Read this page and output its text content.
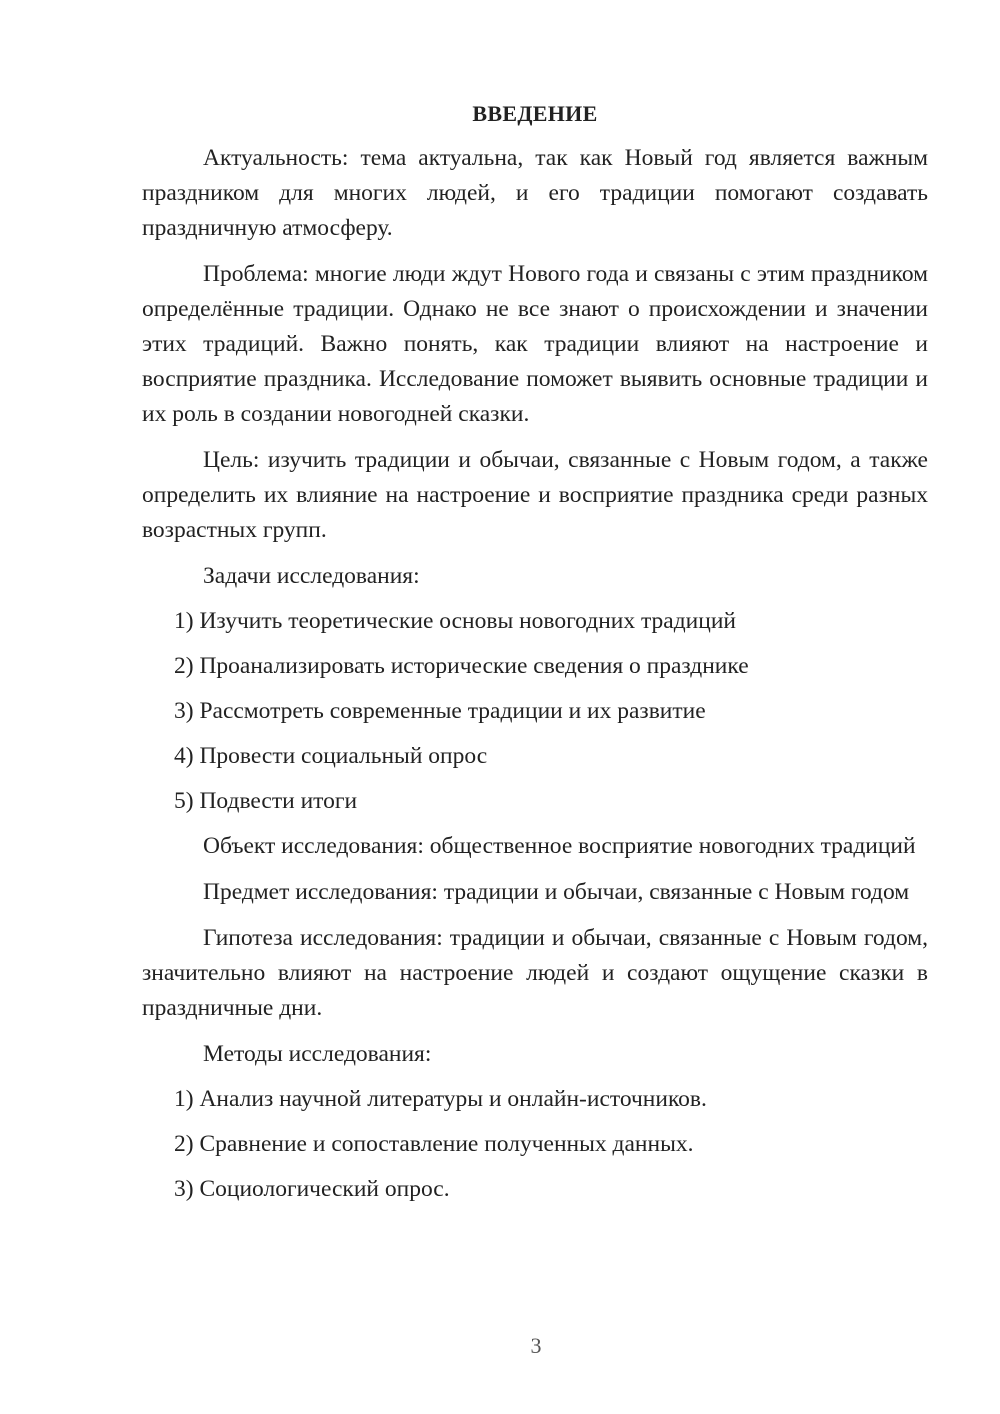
ВВЕДЕНИЕ

Актуальность: тема актуальна, так как Новый год является важным праздником для многих людей, и его традиции помогают создавать праздничную атмосферу.

Проблема: многие люди ждут Нового года и связаны с этим праздником определённые традиции. Однако не все знают о происхождении и значении этих традиций. Важно понять, как традиции влияют на настроение и восприятие праздника. Исследование поможет выявить основные традиции и их роль в создании новогодней сказки.

Цель: изучить традиции и обычаи, связанные с Новым годом, а также определить их влияние на настроение и восприятие праздника среди разных возрастных групп.

Задачи исследования:
1) Изучить теоретические основы новогодних традиций
2) Проанализировать исторические сведения о празднике
3) Рассмотреть современные традиции и их развитие
4) Провести социальный опрос
5) Подвести итоги

Объект исследования: общественное восприятие новогодних традиций

Предмет исследования: традиции и обычаи, связанные с Новым годом

Гипотеза исследования: традиции и обычаи, связанные с Новым годом, значительно влияют на настроение людей и создают ощущение сказки в праздничные дни.

Методы исследования:
1) Анализ научной литературы и онлайн-источников.
2) Сравнение и сопоставление полученных данных.
3) Социологический опрос.
3
